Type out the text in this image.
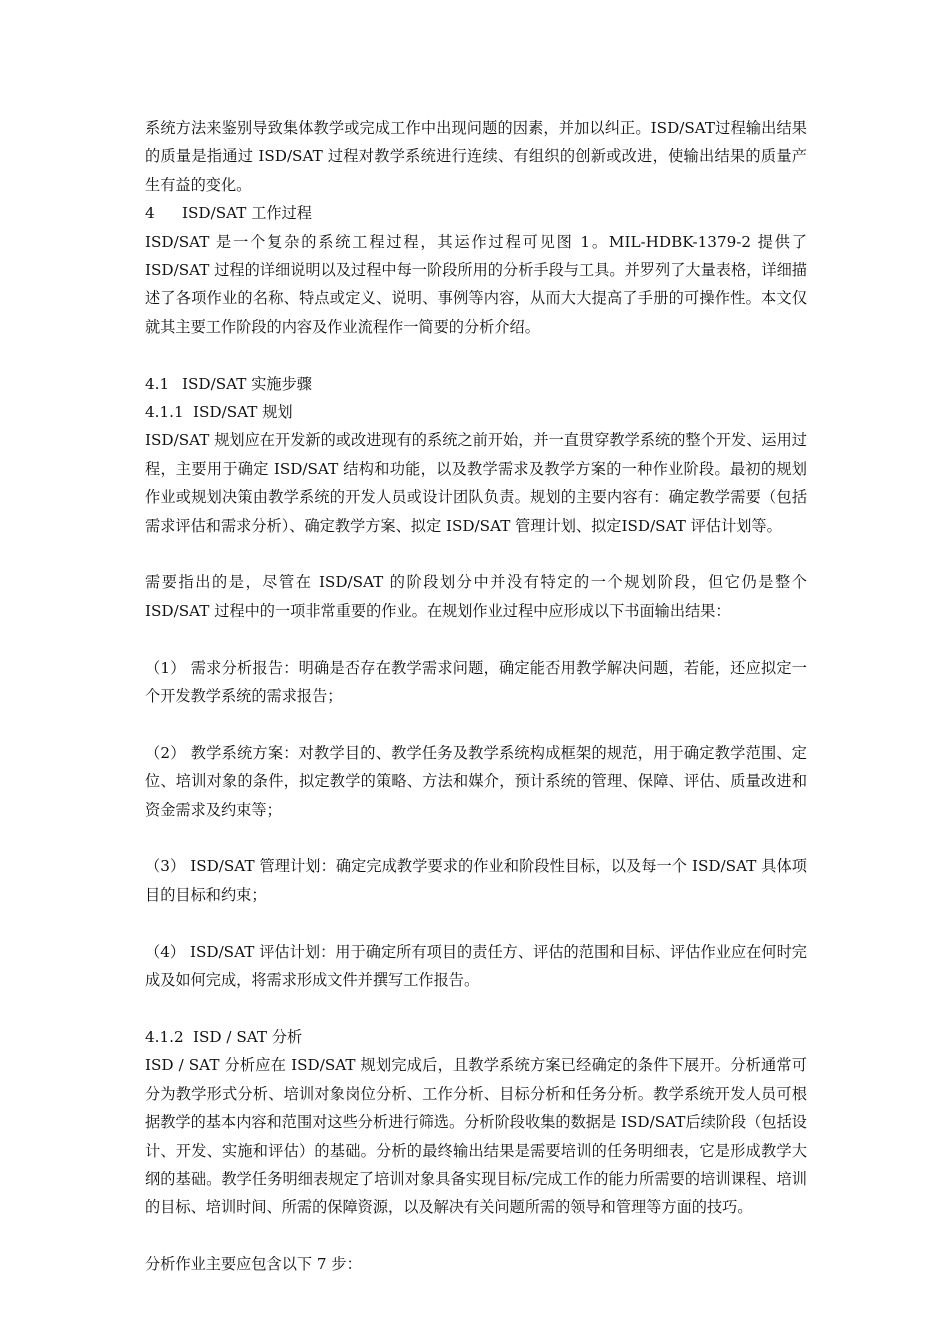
系统方法来鉴别导致集体教学或完成工作中出现问题的因素，并加以纠正。ISD/SAT过程输出结果的质量是指通过 ISD/SAT 过程对教学系统进行连续、有组织的创新或改进，使输出结果的质量产生有益的变化。

4 ISD/SAT 工作过程

ISD/SAT 是一个复杂的系统工程过程，其运作过程可见图 1。MIL-HDBK-1379-2 提供了ISD/SAT 过程的详细说明以及过程中每一阶段所用的分析手段与工具。并罗列了大量表格，详细描述了各项作业的名称、特点或定义、说明、事例等内容，从而大大提高了手册的可操作性。本文仅就其主要工作阶段的内容及作业流程作一简要的分析介绍。

4.1 ISD/SAT 实施步骤

4.1.1 ISD/SAT 规划

ISD/SAT 规划应在开发新的或改进现有的系统之前开始，并一直贯穿教学系统的整个开发、运用过程，主要用于确定 ISD/SAT 结构和功能，以及教学需求及教学方案的一种作业阶段。最初的规划作业或规划决策由教学系统的开发人员或设计团队负责。规划的主要内容有：确定教学需要（包括需求评估和需求分析）、确定教学方案、拟定 ISD/SAT 管理计划、拟定ISD/SAT 评估计划等。

需要指出的是，尽管在 ISD/SAT 的阶段划分中并没有特定的一个规划阶段，但它仍是整个ISD/SAT 过程中的一项非常重要的作业。在规划作业过程中应形成以下书面输出结果：

（1） 需求分析报告：明确是否存在教学需求问题，确定能否用教学解决问题，若能，还应拟定一个开发教学系统的需求报告；

（2） 教学系统方案：对教学目的、教学任务及教学系统构成框架的规范，用于确定教学范围、定位、培训对象的条件，拟定教学的策略、方法和媒介，预计系统的管理、保障、评估、质量改进和资金需求及约束等；

（3） ISD/SAT 管理计划：确定完成教学要求的作业和阶段性目标，以及每一个 ISD/SAT 具体项目的目标和约束；

（4） ISD/SAT 评估计划：用于确定所有项目的责任方、评估的范围和目标、评估作业应在何时完成及如何完成，将需求形成文件并撰写工作报告。

4.1.2 ISD / SAT 分析

ISD / SAT 分析应在 ISD/SAT 规划完成后，且教学系统方案已经确定的条件下展开。分析通常可分为教学形式分析、培训对象岗位分析、工作分析、目标分析和任务分析。教学系统开发人员可根据教学的基本内容和范围对这些分析进行筛选。分析阶段收集的数据是 ISD/SAT后续阶段（包括设计、开发、实施和评估）的基础。分析的最终输出结果是需要培训的任务明细表，它是形成教学大纲的基础。教学任务明细表规定了培训对象具备实现目标/完成工作的能力所需要的培训课程、培训的目标、培训时间、所需的保障资源，以及解决有关问题所需的领导和管理等方面的技巧。

分析作业主要应包含以下 7 步：
